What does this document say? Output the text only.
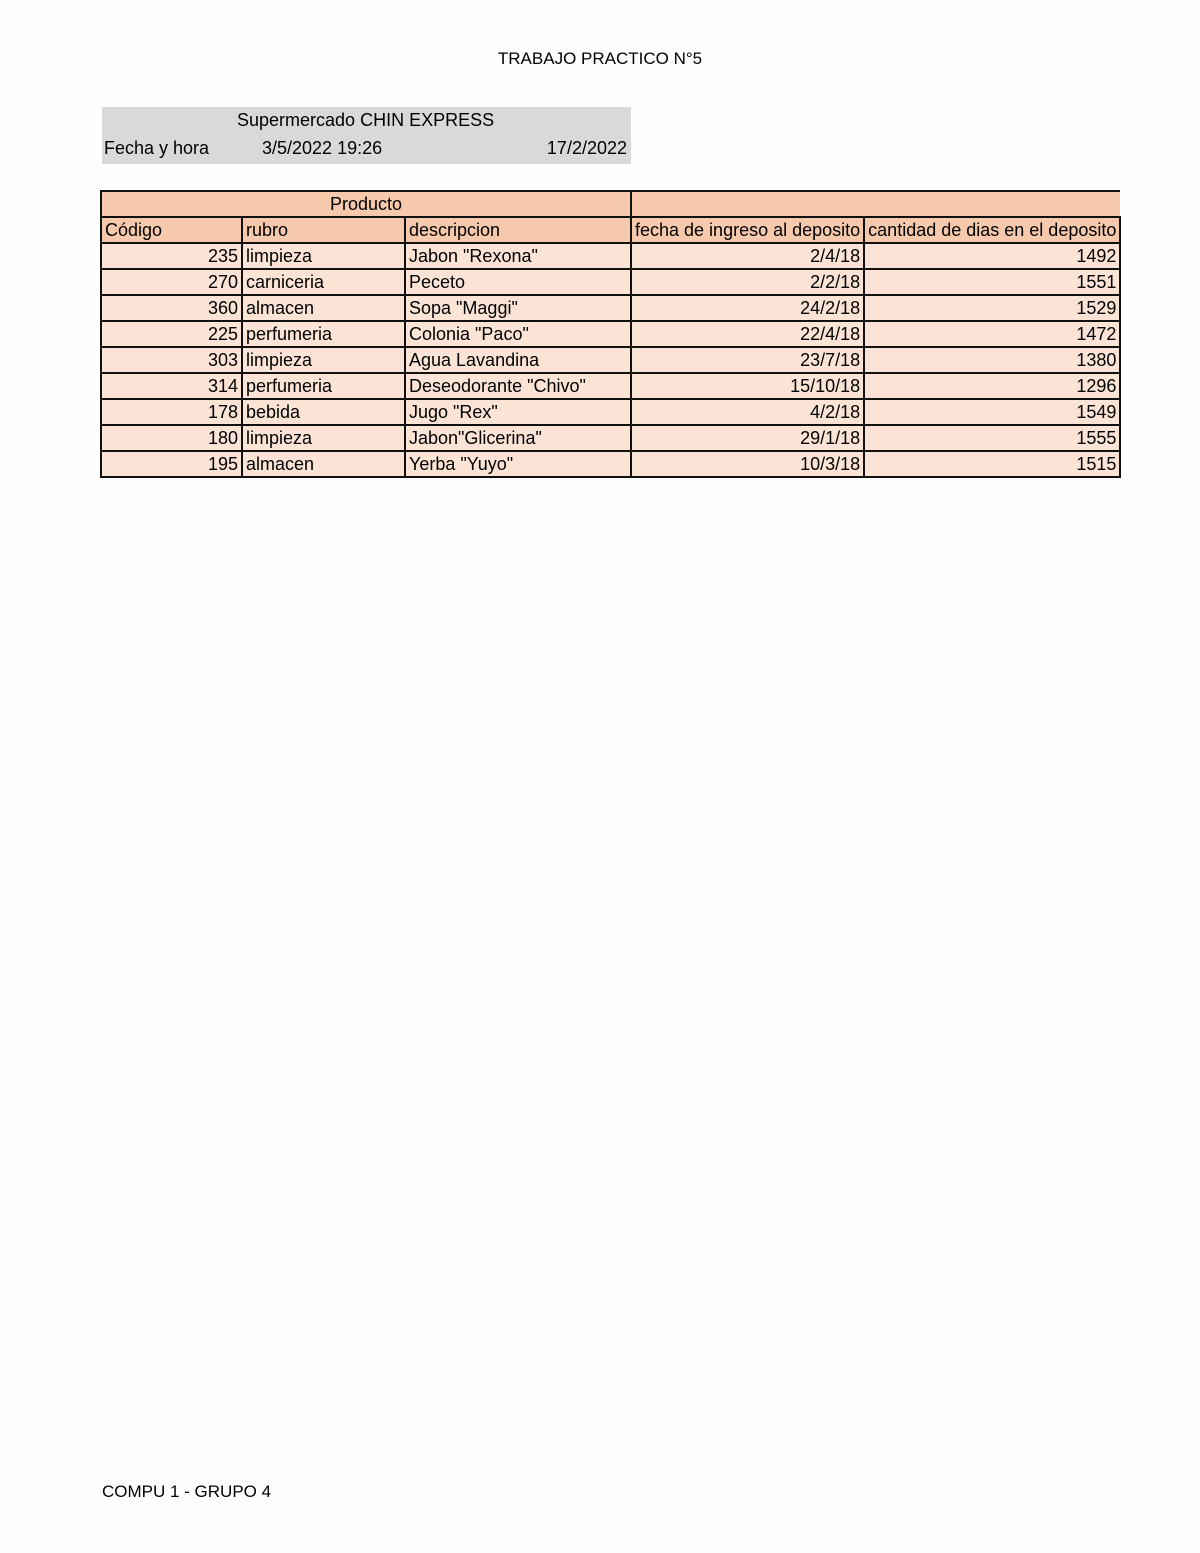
TRABAJO PRACTICO N°5
Supermercado CHIN EXPRESS
Fecha y hora	3/5/2022 19:26	17/2/2022
Producto				
Código	rubro	descripcion	fecha de ingreso al deposito	cantidad de dias en el deposito
235	limpieza	Jabon "Rexona"	2/4/18	1492
270	carniceria	Peceto	2/2/18	1551
360	almacen	Sopa "Maggi"	24/2/18	1529
225	perfumeria	Colonia "Paco"	22/4/18	1472
303	limpieza	Agua Lavandina	23/7/18	1380
314	perfumeria	Deseodorante "Chivo"	15/10/18	1296
178	bebida	Jugo "Rex"	4/2/18	1549
180	limpieza	Jabon"Glicerina"	29/1/18	1555
195	almacen	Yerba "Yuyo"	10/3/18	1515
COMPU 1 - GRUPO 4
